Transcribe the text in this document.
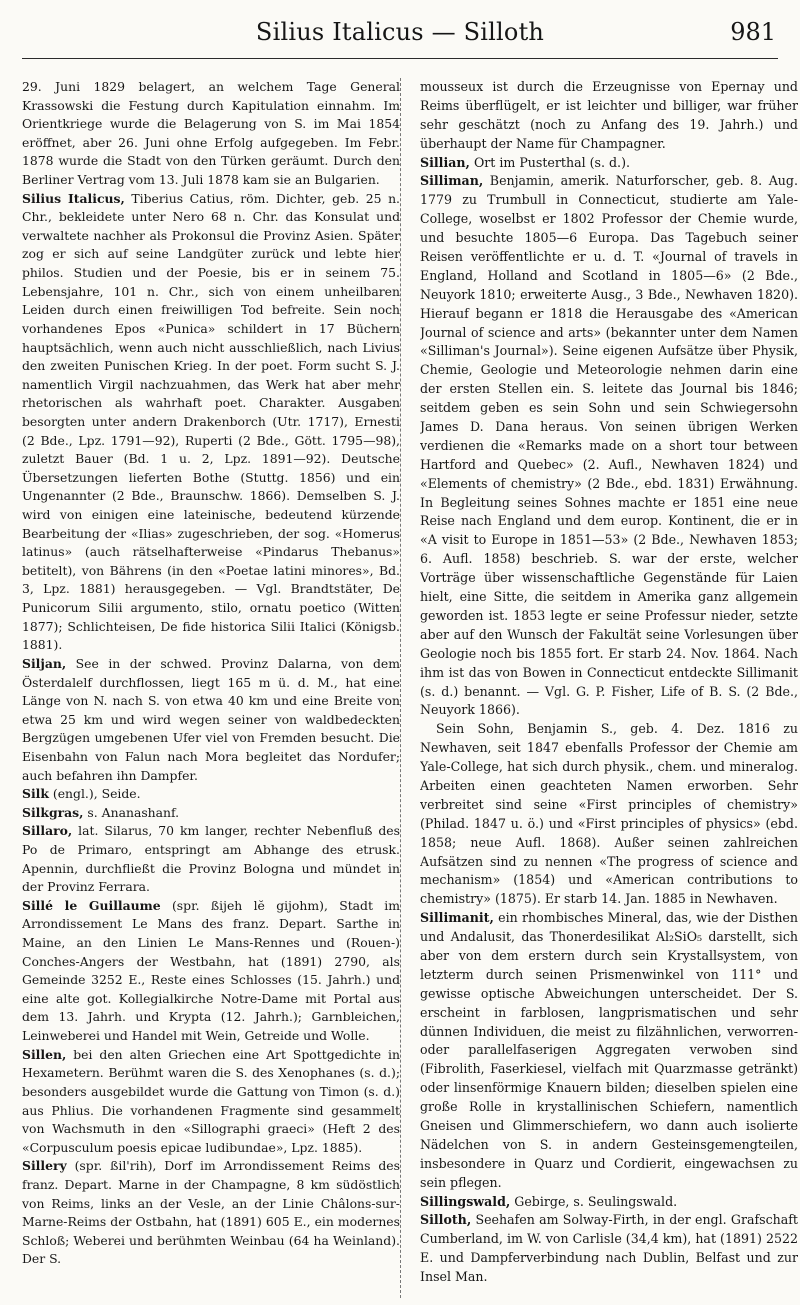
Silius Italicus — Silloth	981

29. Juni 1829 belagert, an welchem Tage General Krassowski die Festung durch Kapitulation einnahm. Im Orientkriege wurde die Belagerung von S. im Mai 1854 eröffnet, aber 26. Juni ohne Erfolg aufgegeben. Im Febr. 1878 wurde die Stadt von den Türken geräumt. Durch den Berliner Vertrag vom 13. Juli 1878 kam sie an Bulgarien.

Silius Italicus, Tiberius Catius, röm. Dichter, geb. 25 n. Chr., bekleidete unter Nero 68 n. Chr. das Konsulat und verwaltete nachher als Prokonsul die Provinz Asien. Später zog er sich auf seine Landgüter zurück und lebte hier philos. Studien und der Poesie, bis er in seinem 75. Lebensjahre, 101 n. Chr., sich von einem unheilbaren Leiden durch einen freiwilligen Tod befreite. Sein noch vorhandenes Epos «Punica» schildert in 17 Büchern hauptsächlich, wenn auch nicht ausschließlich, nach Livius den zweiten Punischen Krieg. In der poet. Form sucht S. J. namentlich Virgil nachzuahmen, das Werk hat aber mehr rhetorischen als wahrhaft poet. Charakter. Ausgaben besorgten unter andern Drakenborch (Utr. 1717), Ernesti (2 Bde., Lpz. 1791—92), Ruperti (2 Bde., Gött. 1795—98), zuletzt Bauer (Bd. 1 u. 2, Lpz. 1891—92). Deutsche Übersetzungen lieferten Bothe (Stuttg. 1856) und ein Ungenannter (2 Bde., Braunschw. 1866). Demselben S. J. wird von einigen eine lateinische, bedeutend kürzende Bearbeitung der «Ilias» zugeschrieben, der sog. «Homerus latinus» (auch rätselhafterweise «Pindarus Thebanus» betitelt), von Bährens (in den «Poetae latini minores», Bd. 3, Lpz. 1881) herausgegeben. — Vgl. Brandtstäter, De Punicorum Silii argumento, stilo, ornatu poetico (Witten 1877); Schlichteisen, De fide historica Silii Italici (Königsb. 1881).

Siljan, See in der schwed. Provinz Dalarna, von dem Österdalelf durchflossen, liegt 165 m ü. d. M., hat eine Länge von N. nach S. von etwa 40 km und eine Breite von etwa 25 km und wird wegen seiner von waldbedeckten Bergzügen umgebenen Ufer viel von Fremden besucht. Die Eisenbahn von Falun nach Mora begleitet das Nordufer; auch befahren ihn Dampfer.

Silk (engl.), Seide.

Silkgras, s. Ananashanf.

Sillaro, lat. Silarus, 70 km langer, rechter Nebenfluß des Po de Primaro, entspringt am Abhange des etrusk. Apennin, durchfließt die Provinz Bologna und mündet in der Provinz Ferrara.

Sillé le Guillaume (spr. ßijeh lĕ gijohm), Stadt im Arrondissement Le Mans des franz. Depart. Sarthe in Maine, an den Linien Le Mans-Rennes und (Rouen-) Conches-Angers der Westbahn, hat (1891) 2790, als Gemeinde 3252 E., Reste eines Schlosses (15. Jahrh.) und eine alte got. Kollegialkirche Notre-Dame mit Portal aus dem 13. Jahrh. und Krypta (12. Jahrh.); Garnbleichen, Leinweberei und Handel mit Wein, Getreide und Wolle.

Sillen, bei den alten Griechen eine Art Spottgedichte in Hexametern. Berühmt waren die S. des Xenophanes (s. d.); besonders ausgebildet wurde die Gattung von Timon (s. d.) aus Phlius. Die vorhandenen Fragmente sind gesammelt von Wachsmuth in den «Sillographi graeci» (Heft 2 des «Corpusculum poesis epicae ludibundae», Lpz. 1885).

Sillery (spr. ßil'rih), Dorf im Arrondissement Reims des franz. Depart. Marne in der Champagne, 8 km südöstlich von Reims, links an der Vesle, an der Linie Châlons-sur-Marne-Reims der Ostbahn, hat (1891) 605 E., ein modernes Schloß; Weberei und berühmten Weinbau (64 ha Weinland). Der S.

mousseux ist durch die Erzeugnisse von Epernay und Reims überflügelt, er ist leichter und billiger, war früher sehr geschätzt (noch zu Anfang des 19. Jahrh.) und überhaupt der Name für Champagner.

Sillian, Ort im Pusterthal (s. d.).

Silliman, Benjamin, amerik. Naturforscher, geb. 8. Aug. 1779 zu Trumbull in Connecticut, studierte am Yale-College, woselbst er 1802 Professor der Chemie wurde, und besuchte 1805—6 Europa. Das Tagebuch seiner Reisen veröffentlichte er u. d. T. «Journal of travels in England, Holland and Scotland in 1805—6» (2 Bde., Neuyork 1810; erweiterte Ausg., 3 Bde., Newhaven 1820). Hierauf begann er 1818 die Herausgabe des «American Journal of science and arts» (bekannter unter dem Namen «Silliman's Journal»). Seine eigenen Aufsätze über Physik, Chemie, Geologie und Meteorologie nehmen darin eine der ersten Stellen ein. S. leitete das Journal bis 1846; seitdem geben es sein Sohn und sein Schwiegersohn James D. Dana heraus. Von seinen übrigen Werken verdienen die «Remarks made on a short tour between Hartford and Quebec» (2. Aufl., Newhaven 1824) und «Elements of chemistry» (2 Bde., ebd. 1831) Erwähnung. In Begleitung seines Sohnes machte er 1851 eine neue Reise nach England und dem europ. Kontinent, die er in «A visit to Europe in 1851—53» (2 Bde., Newhaven 1853; 6. Aufl. 1858) beschrieb. S. war der erste, welcher Vorträge über wissenschaftliche Gegenstände für Laien hielt, eine Sitte, die seitdem in Amerika ganz allgemein geworden ist. 1853 legte er seine Professur nieder, setzte aber auf den Wunsch der Fakultät seine Vorlesungen über Geologie noch bis 1855 fort. Er starb 24. Nov. 1864. Nach ihm ist das von Bowen in Connecticut entdeckte Sillimanit (s. d.) benannt. — Vgl. G. P. Fisher, Life of B. S. (2 Bde., Neuyork 1866).

Sein Sohn, Benjamin S., geb. 4. Dez. 1816 zu Newhaven, seit 1847 ebenfalls Professor der Chemie am Yale-College, hat sich durch physik., chem. und mineralog. Arbeiten einen geachteten Namen erworben. Sehr verbreitet sind seine «First principles of chemistry» (Philad. 1847 u. ö.) und «First principles of physics» (ebd. 1858; neue Aufl. 1868). Außer seinen zahlreichen Aufsätzen sind zu nennen «The progress of science and mechanism» (1854) und «American contributions to chemistry» (1875). Er starb 14. Jan. 1885 in Newhaven.

Sillimanit, ein rhombisches Mineral, das, wie der Disthen und Andalusit, das Thonerdesilikat Al₂SiO₅ darstellt, sich aber von dem erstern durch sein Krystallsystem, von letzterm durch seinen Prismenwinkel von 111° und gewisse optische Abweichungen unterscheidet. Der S. erscheint in farblosen, langprismatischen und sehr dünnen Individuen, die meist zu filzähnlichen, verworren- oder parallelfaserigen Aggregaten verwoben sind (Fibrolith, Faserkiesel, vielfach mit Quarzmasse getränkt) oder linsenförmige Knauern bilden; dieselben spielen eine große Rolle in krystallinischen Schiefern, namentlich Gneisen und Glimmerschiefern, wo dann auch isolierte Nädelchen von S. in andern Gesteinsgemengteilen, insbesondere in Quarz und Cordierit, eingewachsen zu sein pflegen.

Sillingswald, Gebirge, s. Seulingswald.

Silloth, Seehafen am Solway-Firth, in der engl. Grafschaft Cumberland, im W. von Carlisle (34,4 km), hat (1891) 2522 E. und Dampferverbindung nach Dublin, Belfast und zur Insel Man.
